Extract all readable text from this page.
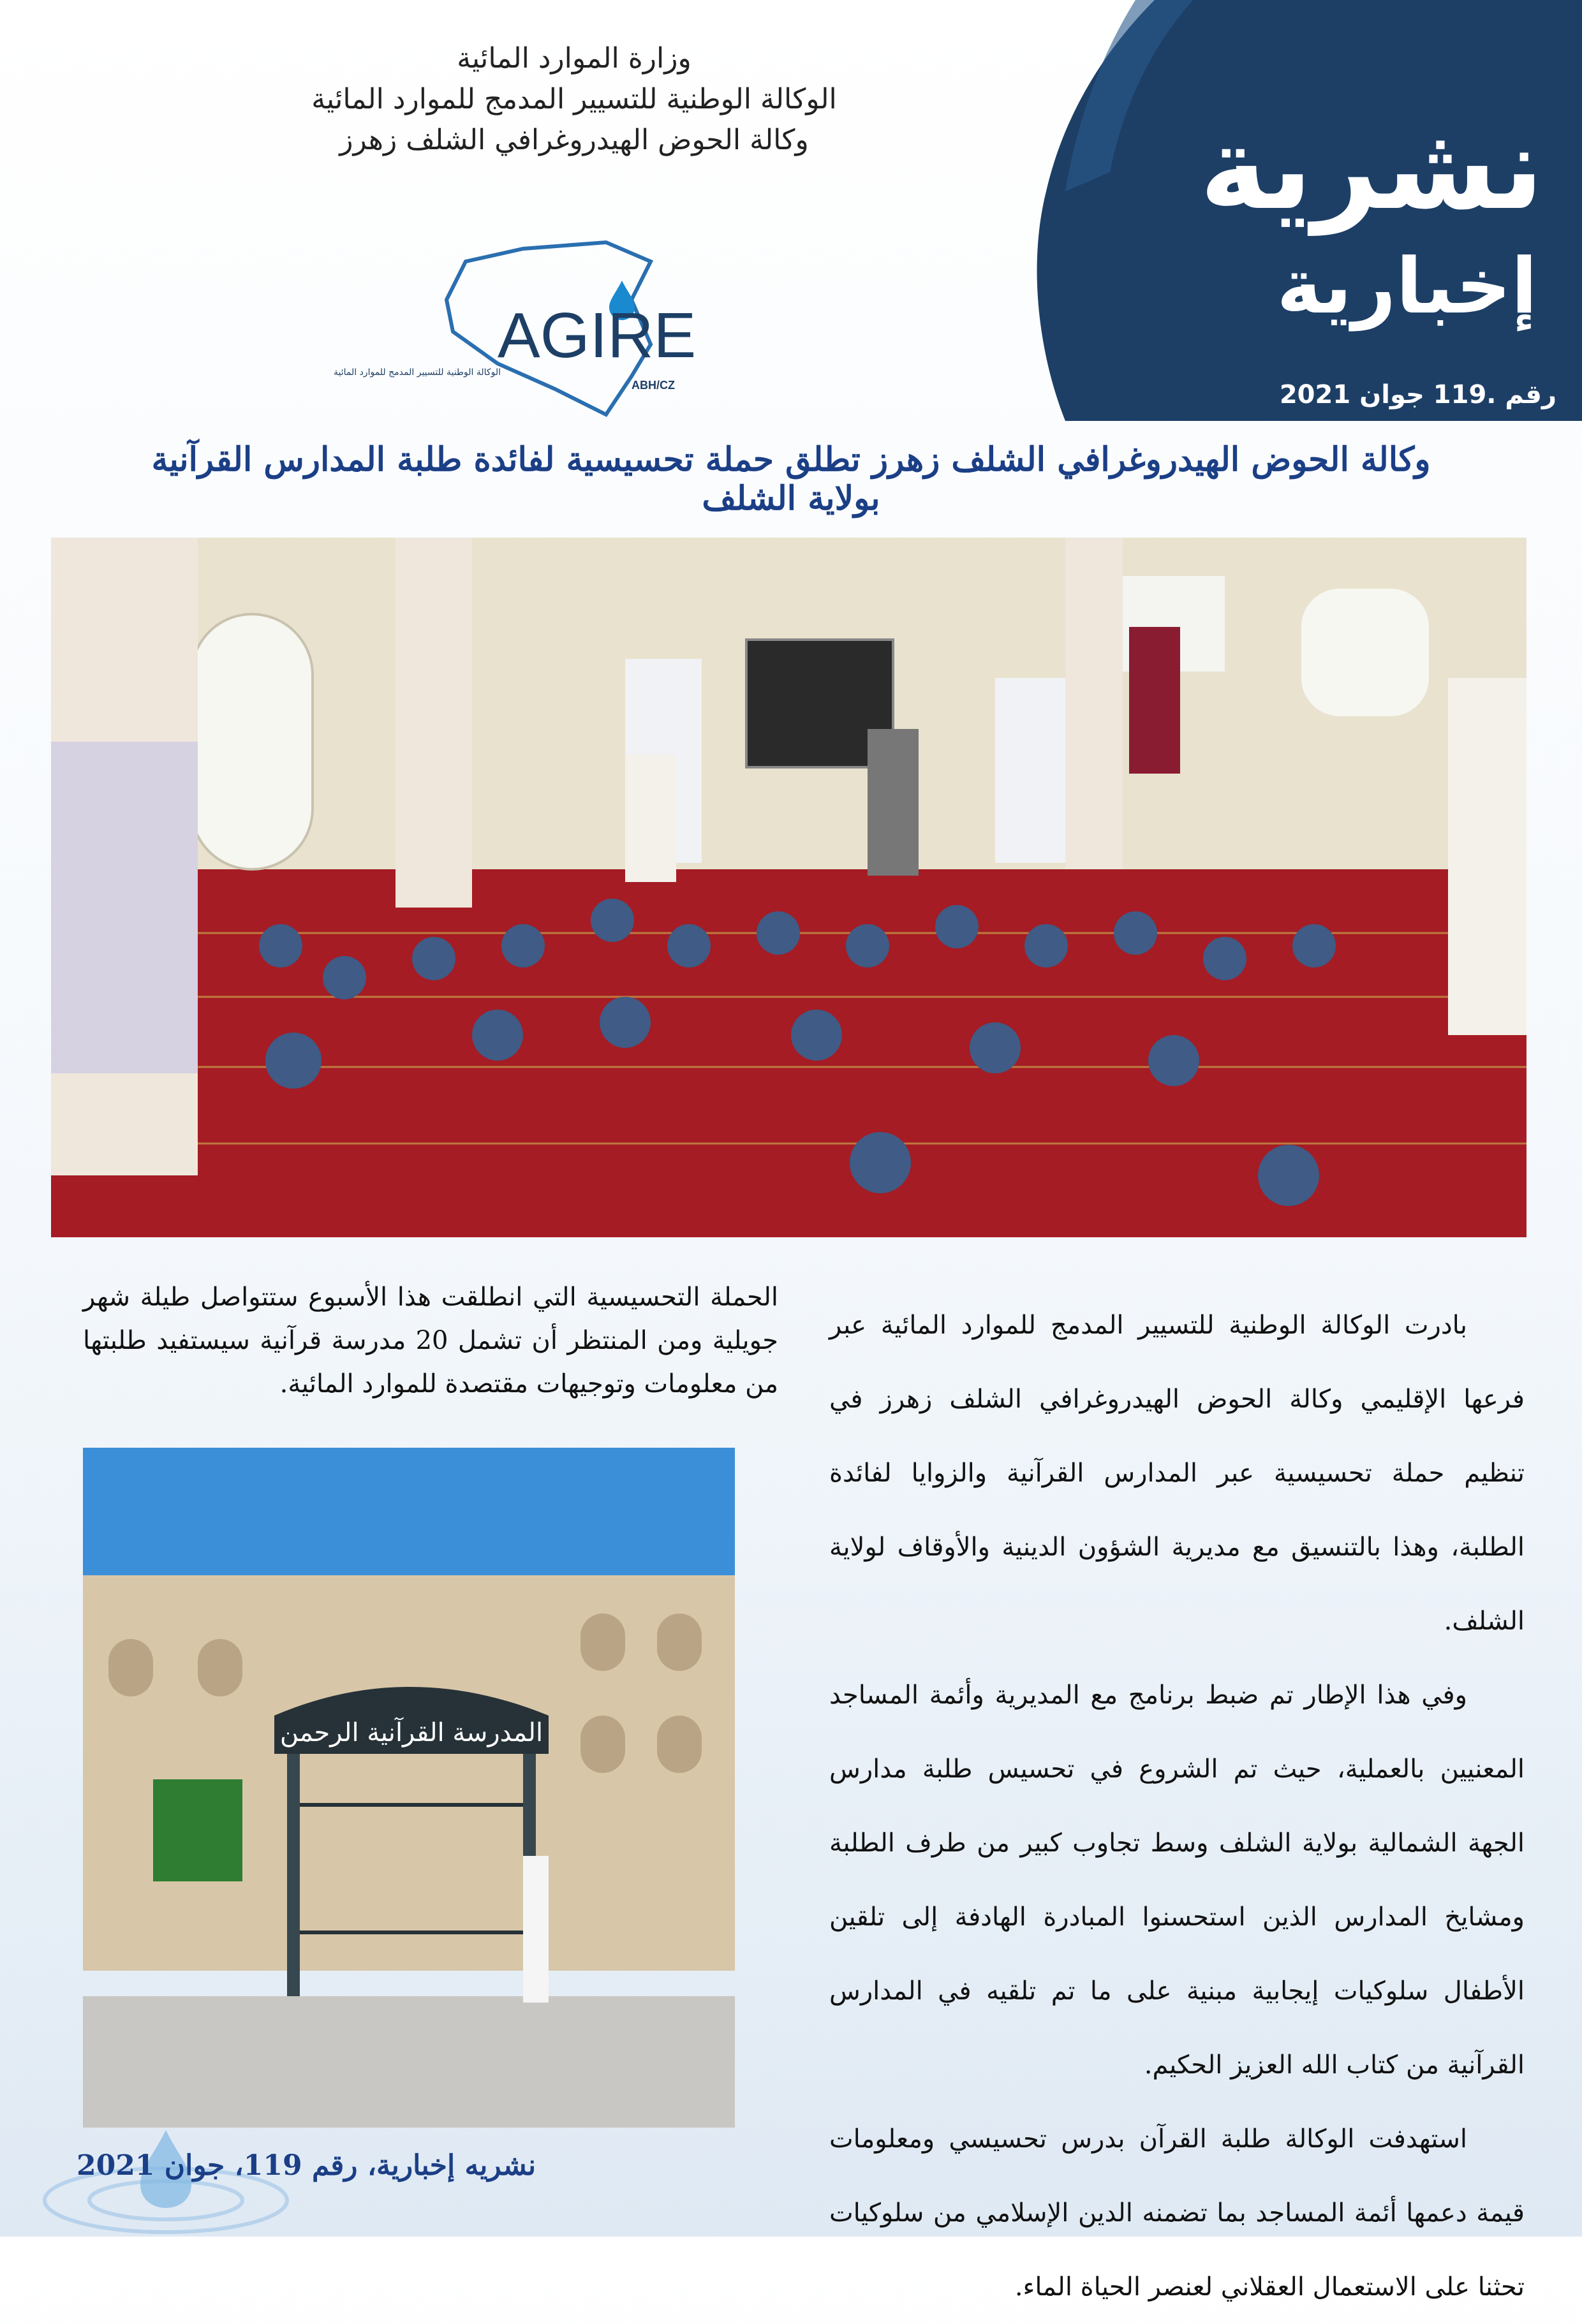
نشرية
إخبارية
رقم .119 جوان 2021
وزارة الموارد المائية
الوكالة الوطنية للتسيير المدمج للموارد المائية
وكالة الحوض الهيدروغرافي الشلف زهرز
AGIRE
الوكالة الوطنية للتسيير المدمج للموارد المائية
ABH/CZ
وكالة الحوض الهيدروغرافي الشلف زهرز تطلق حملة تحسيسية لفائدة طلبة المدارس القرآنية بولاية الشلف
الحملة التحسيسية التي انطلقت هذا الأسبوع ستتواصل طيلة شهر جويلية ومن المنتظر أن تشمل 20 مدرسة قرآنية سيستفيد طلبتها من معلومات وتوجيهات مقتصدة للموارد المائية.
المدرسة القرآنية الرحمن

بادرت الوكالة الوطنية للتسيير المدمج للموارد المائية عبر فرعها الإقليمي وكالة الحوض الهيدروغرافي الشلف زهرز في تنظيم حملة تحسيسية عبر المدارس القرآنية والزوايا لفائدة الطلبة، وهذا بالتنسيق مع مديرية الشؤون الدينية والأوقاف لولاية الشلف.

وفي هذا الإطار تم ضبط برنامج مع المديرية وأئمة المساجد المعنيين بالعملية، حيث تم الشروع في تحسيس طلبة مدارس الجهة الشمالية بولاية الشلف وسط تجاوب كبير من طرف الطلبة ومشايخ المدارس الذين استحسنوا المبادرة الهادفة إلى تلقين الأطفال سلوكيات إيجابية مبنية على ما تم تلقيه في المدارس القرآنية من كتاب الله العزيز الحكيم.

استهدفت الوكالة طلبة القرآن بدرس تحسيسي ومعلومات قيمة دعمها أئمة المساجد بما تضمنه الدين الإسلامي من سلوكيات تحثنا على الاستعمال العقلاني لعنصر الحياة الماء.

نشريه إخبارية، رقم 119، جوان 2021
